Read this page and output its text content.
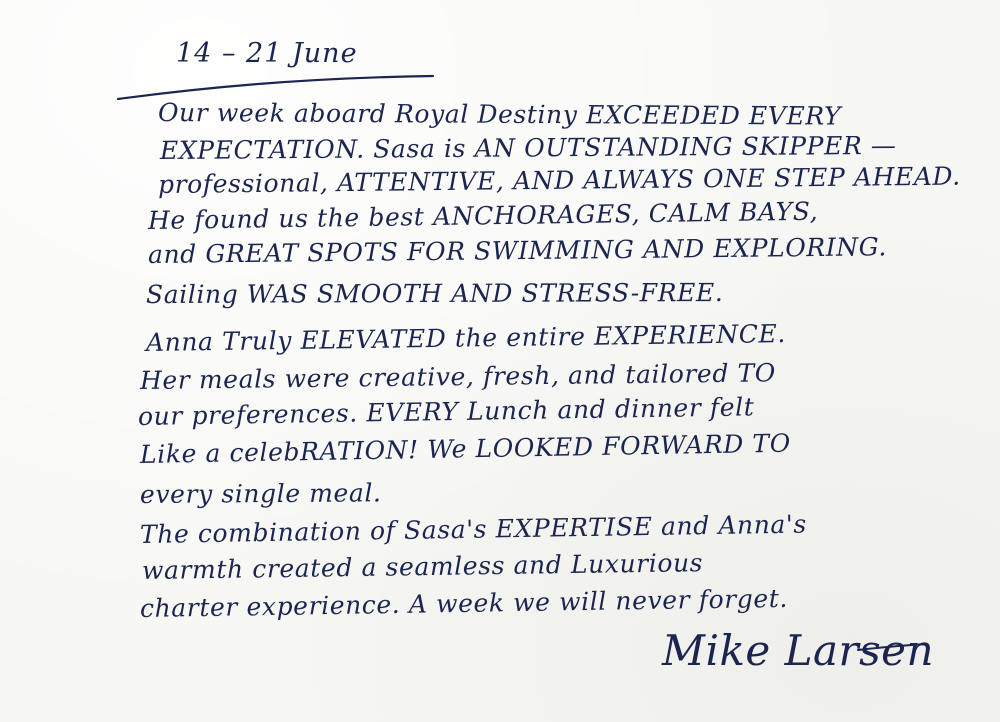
14 – 21 June
Our week aboard Royal Destiny EXCEEDED EVERY
EXPECTATION. Sasa is AN OUTSTANDING SKIPPER —
professional, ATTENTIVE, AND ALWAYS ONE STEP AHEAD.
He found us the best ANCHORAGES, CALM BAYS,
and GREAT SPOTS FOR SWIMMING AND EXPLORING.
Sailing WAS SMOOTH AND STRESS-FREE.
Anna Truly ELEVATED the entire EXPERIENCE.
Her meals were creative, fresh, and tailored TO
our preferences. EVERY Lunch and dinner felt
Like a celebRATION! We LOOKED FORWARD TO
every single meal.
The combination of Sasa's EXPERTISE and Anna's
warmth created a seamless and Luxurious
charter experience. A week we will never forget.
Mike Larsen
